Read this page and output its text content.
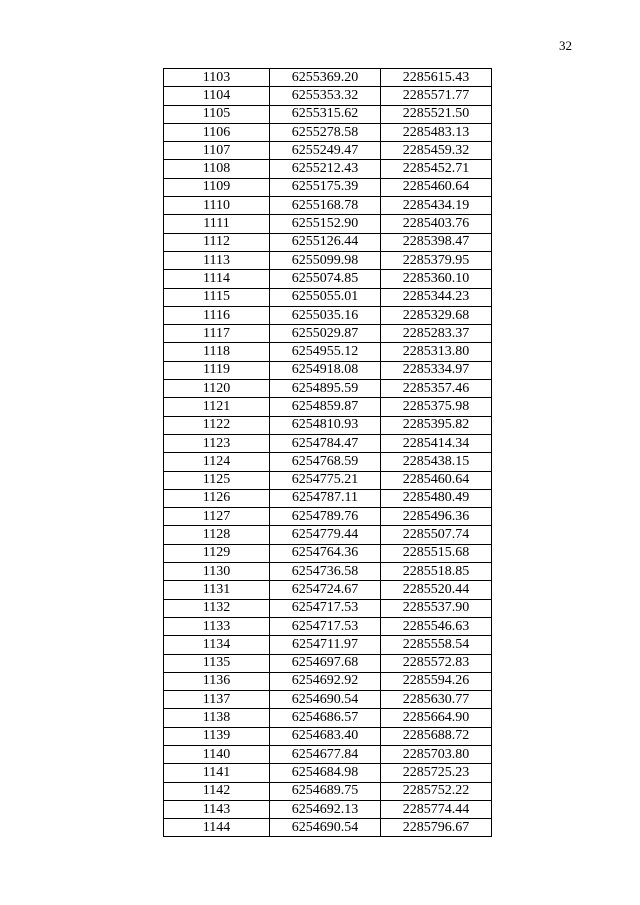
32
1103	6255369.20	2285615.43
1104	6255353.32	2285571.77
1105	6255315.62	2285521.50
1106	6255278.58	2285483.13
1107	6255249.47	2285459.32
1108	6255212.43	2285452.71
1109	6255175.39	2285460.64
1110	6255168.78	2285434.19
1111	6255152.90	2285403.76
1112	6255126.44	2285398.47
1113	6255099.98	2285379.95
1114	6255074.85	2285360.10
1115	6255055.01	2285344.23
1116	6255035.16	2285329.68
1117	6255029.87	2285283.37
1118	6254955.12	2285313.80
1119	6254918.08	2285334.97
1120	6254895.59	2285357.46
1121	6254859.87	2285375.98
1122	6254810.93	2285395.82
1123	6254784.47	2285414.34
1124	6254768.59	2285438.15
1125	6254775.21	2285460.64
1126	6254787.11	2285480.49
1127	6254789.76	2285496.36
1128	6254779.44	2285507.74
1129	6254764.36	2285515.68
1130	6254736.58	2285518.85
1131	6254724.67	2285520.44
1132	6254717.53	2285537.90
1133	6254717.53	2285546.63
1134	6254711.97	2285558.54
1135	6254697.68	2285572.83
1136	6254692.92	2285594.26
1137	6254690.54	2285630.77
1138	6254686.57	2285664.90
1139	6254683.40	2285688.72
1140	6254677.84	2285703.80
1141	6254684.98	2285725.23
1142	6254689.75	2285752.22
1143	6254692.13	2285774.44
1144	6254690.54	2285796.67
